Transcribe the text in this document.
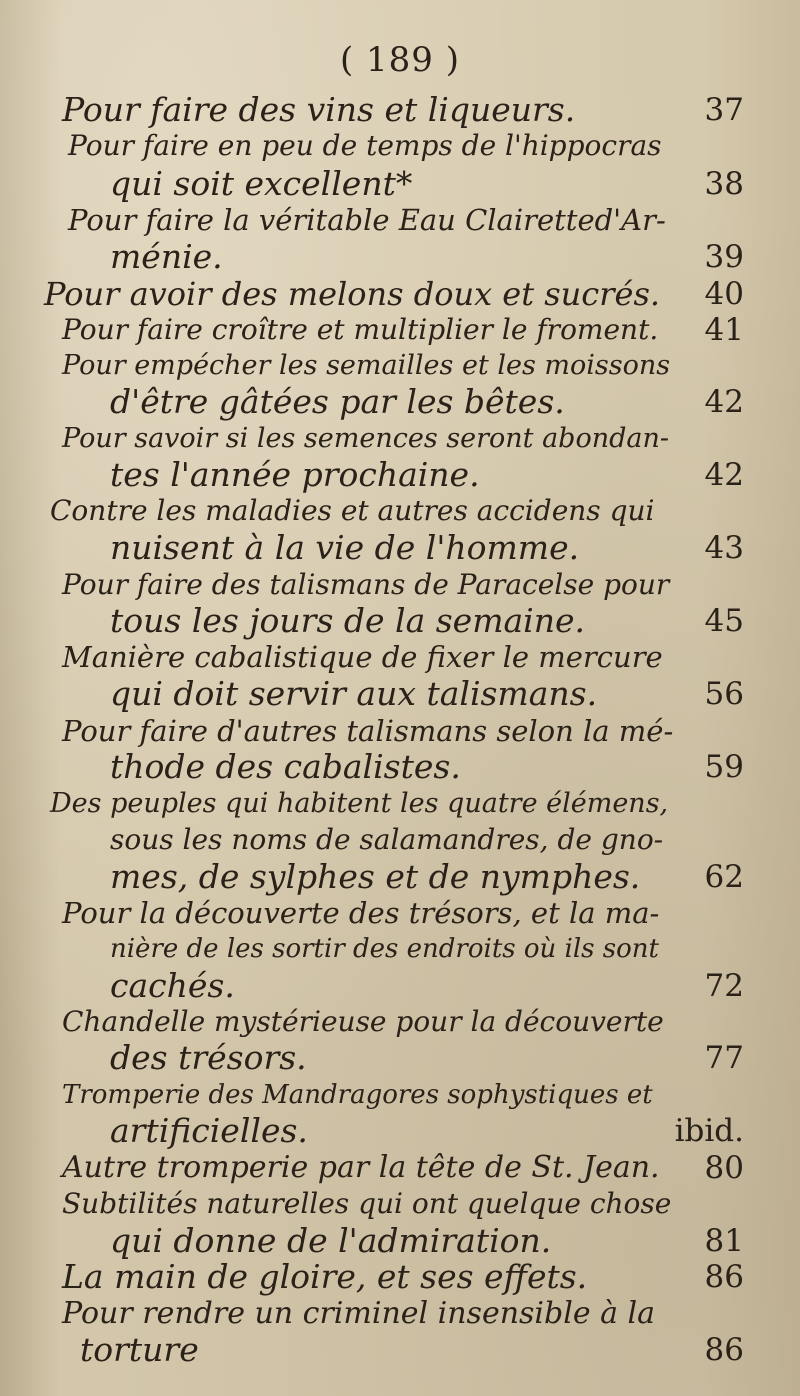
( 189 )
Pour faire des vins et liqueurs.	37
Pour faire en peu de temps de l'hippocras
qui soit excellent*	38
Pour faire la véritable Eau Clairetted'Ar-
ménie.	39
Pour avoir des melons doux et sucrés.	40
Pour faire croître et multiplier le froment.	41
Pour empécher les semailles et les moissons
d'être gâtées par les bêtes.	42
Pour savoir si les semences seront abondan-
tes l'année prochaine.	42
Contre les maladies et autres accidens qui
nuisent à la vie de l'homme.	43
Pour faire des talismans de Paracelse pour
tous les jours de la semaine.	45
Manière cabalistique de fixer le mercure
qui doit servir aux talismans.	56
Pour faire d'autres talismans selon la mé-
thode des cabalistes.	59
Des peuples qui habitent les quatre élémens,
sous les noms de salamandres, de gno-
mes, de sylphes et de nymphes.	62
Pour la découverte des trésors, et la ma-
nière de les sortir des endroits où ils sont
cachés.	72
Chandelle mystérieuse pour la découverte
des trésors.	77
Tromperie des Mandragores sophystiques et
artificielles.	ibid.
Autre tromperie par la tête de St. Jean.	80
Subtilités naturelles qui ont quelque chose
qui donne de l'admiration.	81
La main de gloire, et ses effets.	86
Pour rendre un criminel insensible à la
torture	86
